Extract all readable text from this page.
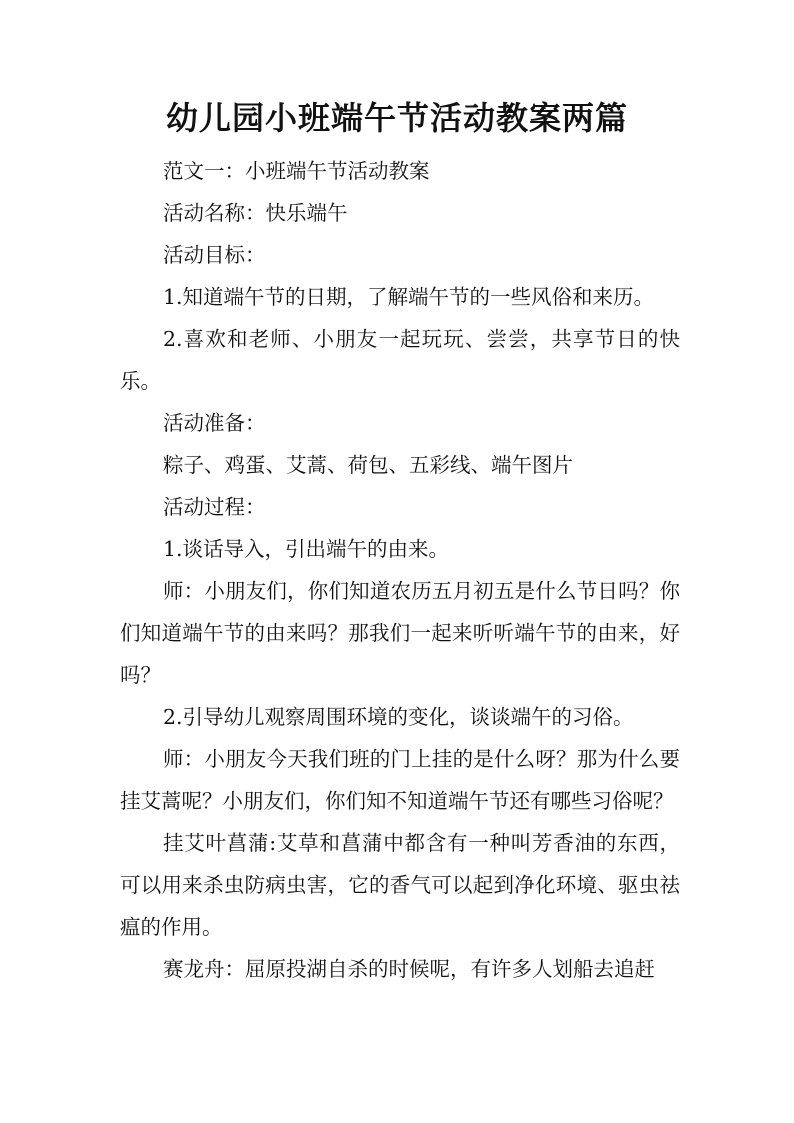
幼儿园小班端午节活动教案两篇

范文一：小班端午节活动教案

活动名称：快乐端午

活动目标：

1.知道端午节的日期，了解端午节的一些风俗和来历。

2.喜欢和老师、小朋友一起玩玩、尝尝，共享节日的快乐。

活动准备：

粽子、鸡蛋、艾蒿、荷包、五彩线、端午图片

活动过程：

1.谈话导入，引出端午的由来。

师：小朋友们，你们知道农历五月初五是什么节日吗？你们知道端午节的由来吗？那我们一起来听听端午节的由来，好吗？

2.引导幼儿观察周围环境的变化，谈谈端午的习俗。

师：小朋友今天我们班的门上挂的是什么呀？那为什么要挂艾蒿呢？小朋友们，你们知不知道端午节还有哪些习俗呢？

挂艾叶菖蒲:艾草和菖蒲中都含有一种叫芳香油的东西，可以用来杀虫防病虫害，它的香气可以起到净化环境、驱虫祛瘟的作用。

赛龙舟：屈原投湖自杀的时候呢，有许多人划船去追赶
